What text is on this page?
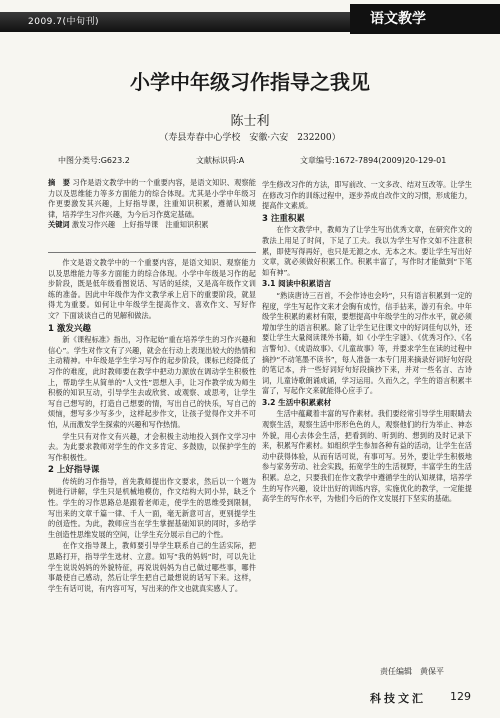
2009.7(中旬刊)	语文教学
小学中年级习作指导之我见
陈士利
（寿县寿春中心学校　安徽·六安　232200）
中图分类号:G623.2	文献标识码:A	文章编号:1672-7894(2009)20-129-01
摘　要 习作是语文教学中的一个重要内容，是语文知识、观察能力以及思维能力等多方面能力的综合体现。尤其是小学中年级习作更要激发其兴趣，上好指导课，注重知识积累，遵循认知规律，培养学生习作兴趣，为今后习作奠定基础。
关键词 激发习作兴趣　上好指导课　注重知识积累

作文是语文教学中的一个重要内容，是语文知识、观察能力以及思维能力等多方面能力的综合体现。小学中年级是习作的起步阶段，既是低年级看图说话、写话的延续，又是高年级作文训练的准备。因此中年级作为作文教学承上启下的重要阶段，就显得尤为重要。如何让中年级学生提高作文、喜欢作文、写好作文？下面谈谈自己的见解和做法。

1 激发兴趣

新《课程标准》指出，习作起始“重在培养学生的习作兴趣和信心”。学生对作文有了兴趣，就会在行动上表现出较大的热情和主动精神。中年级是学生学习写作的起步阶段，课标已经降低了习作的难度，此时教师要在教学中把动力源放在调动学生积极性上，帮助学生从简单的“人文性”思想入手，让习作教学成为师生积极的知识互动，引导学生去或欣赏、或观察、或思考，让学生写自己想写的，打造自己想要的情，写出自己的快乐，写自己的烦恼，想写多少写多少，这样起步作文，让孩子觉得作文并不可怕，从而激发学生探索的兴趣和写作热情。

学生只有对作文有兴趣，才会积极主动地投入到作文学习中去。为此要求教师对学生的作文多肯定、多鼓励，以保护学生的写作积极性。

2 上好指导课

传统的习作指导，首先教师提出作文要求，然后以一个题为例进行讲解，学生只是机械地模仿，作文结构大同小异，缺乏个性。学生的习作思路总是跟着老师走，使学生的思维受到限制，写出来的文章千篇一律、千人一面，毫无新意可言，更别提学生的创造性。为此，教师应当在学生掌握基础知识的同时，多给学生创造性思维发展的空间，让学生充分展示自己的个性。

在作文指导课上，教师要引导学生联系自己的生活实际，把思路打开，指导学生选材、立意。如写“我的妈妈”时，可以先让学生说说妈妈的外貌特征，再说说妈妈为自己做过哪些事，哪件事最使自己感动，然后让学生把自己最想说的话写下来。这样，学生有话可说，有内容可写，写出来的作文也就真实感人了。

学生修改习作的方法，即写前改、一文多改、结对互改等。让学生在修改习作的训练过程中，逐步养成自改作文的习惯，形成能力，提高作文素质。

3 注重积累

在作文教学中，教师为了让学生写出优秀文章，在研究作文的教法上用足了时间，下足了工夫。我以为学生写作文如不注意积累，即使写得再好，也只是无源之水、无本之木。要让学生写出好文章，就必须做好积累工作。积累丰富了，写作时才能做到“下笔如有神”。

3.1 阅读中积累语言

“熟读唐诗三百首，不会作诗也会吟”，只有语言积累到一定的程度，学生写起作文来才会胸有成竹，信手拈来，游刃有余。中年级学生积累的素材有限，要想提高中年级学生的习作水平，就必须增加学生的语言积累。除了让学生记住课文中的好词佳句以外，还要让学生大量阅读课外书籍，如《小学生字谜》、《优秀习作》、《名言警句》、《成语故事》、《儿童故事》等，并要求学生在读的过程中摘抄“不动笔墨不读书”，每人准备一本专门用来摘录好词好句好段的笔记本，并一些好词好句好段摘抄下来，并对一些名言、古诗词，儿童诗歌朗诵成诵，学习运用。久而久之，学生的语言积累丰富了，写起作文来就能得心应手了。

3.2 生活中积累素材

生活中蕴藏着丰富的写作素材。我们要经常引导学生用眼睛去观察生活，观察生活中形形色色的人，观察他们的行为举止、神态外貌，用心去体会生活，把看到的、听到的、想到的及时记录下来，积累写作素材。如组织学生参加各种有益的活动，让学生在活动中获得体验，从而有话可说，有事可写。另外，要让学生积极地参与家务劳动、社会实践，拓宽学生的生活视野，丰富学生的生活积累。总之，只要我们在作文教学中遵循学生的认知规律，培养学生的写作兴趣，设计出好的训练内容，实施优化的教学，一定能提高学生的写作水平，为他们今后的作文发展打下坚实的基础。

责任编辑　黄保平
科技文汇 129
